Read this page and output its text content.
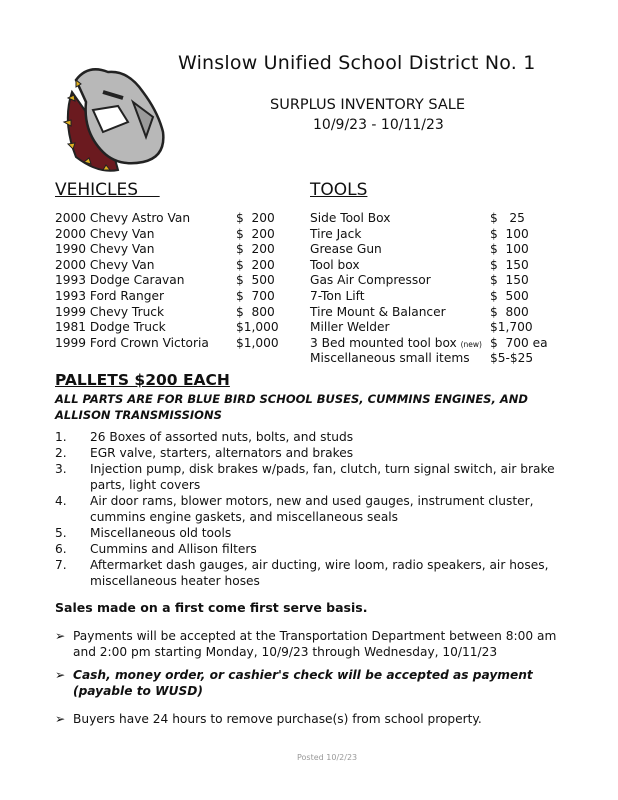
Winslow Unified School District No. 1
SURPLUS INVENTORY SALE
10/9/23 - 10/11/23
VEHICLES	TOOLS
2000 Chevy Astro Van	$  200
2000 Chevy Van	$  200
1990 Chevy Van	$  200
2000 Chevy Van	$  200
1993 Dodge Caravan	$  500
1993 Ford Ranger	$  700
1999 Chevy Truck	$  800
1981 Dodge Truck	$1,000
1999 Ford Crown Victoria $1,000
Side Tool Box	$   25
Tire Jack	$  100
Grease Gun	$  100
Tool box	$  150
Gas Air Compressor	$  150
7-Ton Lift	$  500
Tire Mount & Balancer	$  800
Miller Welder	$1,700
3 Bed mounted tool box (new) $  700 ea
Miscellaneous small items $5-$25
PALLETS $200 EACH
ALL PARTS ARE FOR BLUE BIRD SCHOOL BUSES, CUMMINS ENGINES, AND ALLISON TRANSMISSIONS
1. 26 Boxes of assorted nuts, bolts, and studs
2. EGR valve, starters, alternators and brakes
3. Injection pump, disk brakes w/pads, fan, clutch, turn signal switch, air brake parts, light covers
4. Air door rams, blower motors, new and used gauges, instrument cluster, cummins engine gaskets, and miscellaneous seals
5. Miscellaneous old tools
6. Cummins and Allison filters
7. Aftermarket dash gauges, air ducting, wire loom, radio speakers, air hoses, miscellaneous heater hoses
Sales made on a first come first serve basis.
➢ Payments will be accepted at the Transportation Department between 8:00 am and 2:00 pm starting Monday, 10/9/23 through Wednesday, 10/11/23
➢ Cash, money order, or cashier's check will be accepted as payment (payable to WUSD)
➢ Buyers have 24 hours to remove purchase(s) from school property.
Posted 10/2/23
